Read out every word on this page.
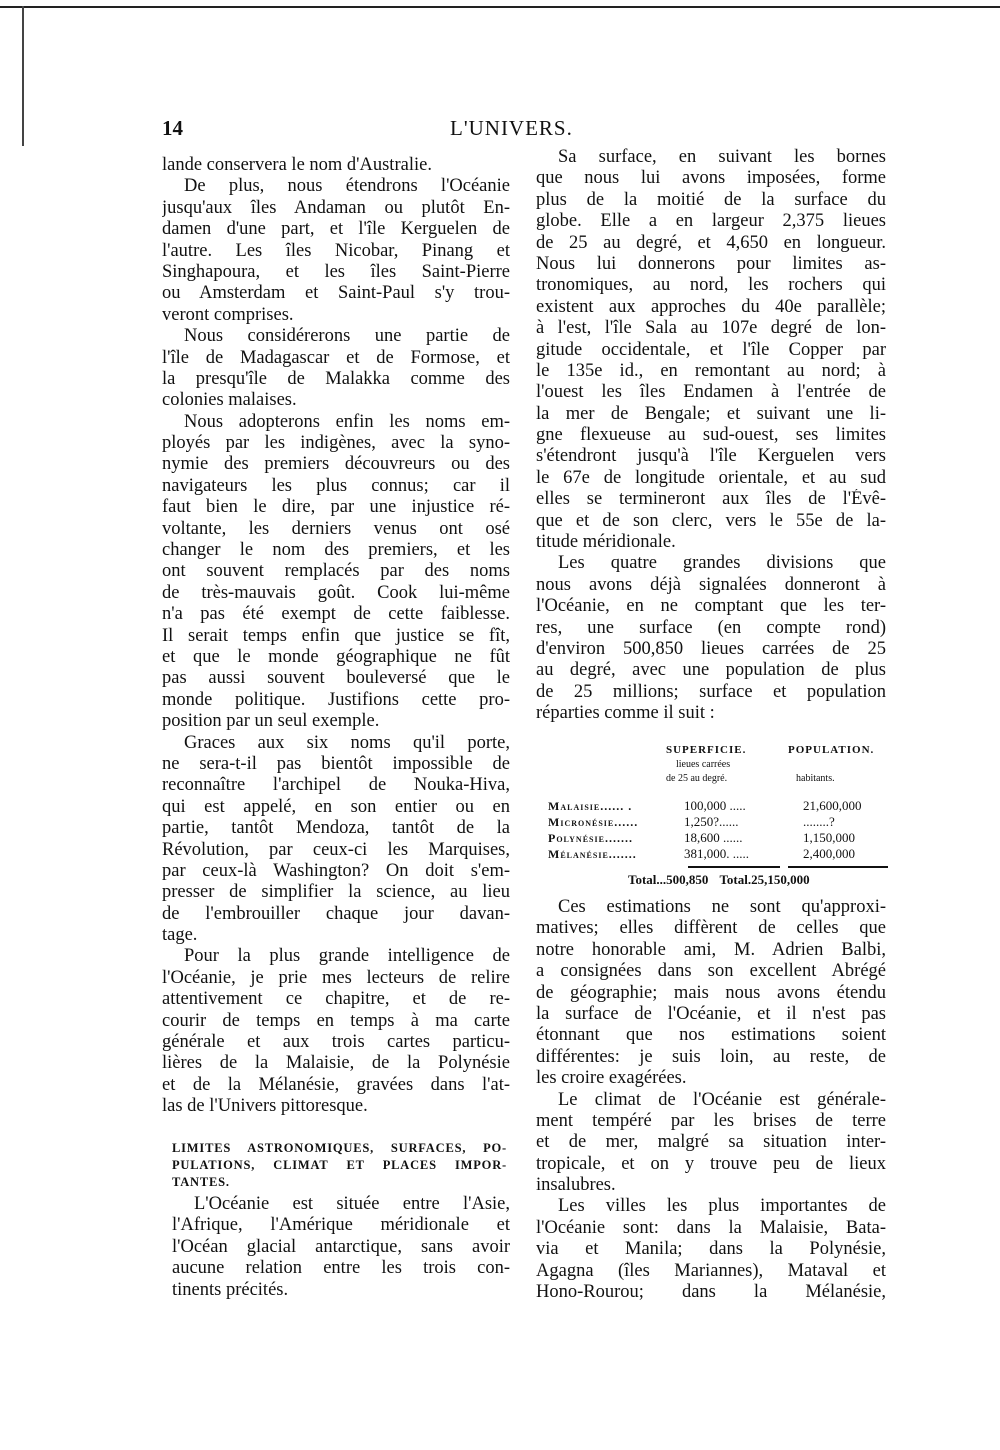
14	L'UNIVERS.
lande conservera le nom d'Australie.
De plus, nous étendrons l'Océanie
jusqu'aux îles Andaman ou plutôt En-
damen d'une part, et l'île Kerguelen de
l'autre. Les îles Nicobar, Pinang et
Singhapoura, et les îles Saint-Pierre
ou Amsterdam et Saint-Paul s'y trou-
veront comprises.
Nous considérerons une partie de
l'île de Madagascar et de Formose, et
la presqu'île de Malakka comme des
colonies malaises.
Nous adopterons enfin les noms em-
ployés par les indigènes, avec la syno-
nymie des premiers découvreurs ou des
navigateurs les plus connus; car il
faut bien le dire, par une injustice ré-
voltante, les derniers venus ont osé
changer le nom des premiers, et les
ont souvent remplacés par des noms
de très-mauvais goût. Cook lui-même
n'a pas été exempt de cette faiblesse.
Il serait temps enfin que justice se fît,
et que le monde géographique ne fût
pas aussi souvent bouleversé que le
monde politique. Justifions cette pro-
position par un seul exemple.
Graces aux six noms qu'il porte,
ne sera-t-il pas bientôt impossible de
reconnaître l'archipel de Nouka-Hiva,
qui est appelé, en son entier ou en
partie, tantôt Mendoza, tantôt de la
Révolution, par ceux-ci les Marquises,
par ceux-là Washington? On doit s'em-
presser de simplifier la science, au lieu
de l'embrouiller chaque jour davan-
tage.
Pour la plus grande intelligence de
l'Océanie, je prie mes lecteurs de relire
attentivement ce chapitre, et de re-
courir de temps en temps à ma carte
générale et aux trois cartes particu-
lières de la Malaisie, de la Polynésie
et de la Mélanésie, gravées dans l'at-
las de l'Univers pittoresque.
LIMITES ASTRONOMIQUES, SURFACES, PO-
PULATIONS, CLIMAT ET PLACES IMPOR-
TANTES.
L'Océanie est située entre l'Asie,
l'Afrique, l'Amérique méridionale et
l'Océan glacial antarctique, sans avoir
aucune relation entre les trois con-
tinents précités.
Sa surface, en suivant les bornes
que nous lui avons imposées, forme
plus de la moitié de la surface du
globe. Elle a en largeur 2,375 lieues
de 25 au degré, et 4,650 en longueur.
Nous lui donnerons pour limites as-
tronomiques, au nord, les rochers qui
existent aux approches du 40e parallèle;
à l'est, l'île Sala au 107e degré de lon-
gitude occidentale, et l'île Copper par
le 135e id., en remontant au nord; à
l'ouest les îles Endamen à l'entrée de
la mer de Bengale; et suivant une li-
gne flexueuse au sud-ouest, ses limites
s'étendront jusqu'à l'île Kerguelen vers
le 67e de longitude orientale, et au sud
elles se termineront aux îles de l'Évê-
que et de son clerc, vers le 55e de la-
titude méridionale.
Les quatre grandes divisions que
nous avons déjà signalées donneront à
l'Océanie, en ne comptant que les ter-
res, une surface (en compte rond)
d'environ 500,850 lieues carrées de 25
au degré, avec une population de plus
de 25 millions; surface et population
réparties comme il suit :
SUPERFICIE.	POPULATION.
lieues carrées
de 25 au degré.	habitants.
Malaisie...... .	100,000 .....	21,600,000
Micronésie......	1,250?......	........?
Polynésie.......	18,600 ......	1,150,000
Mélanésie.......	381,000. .....	2,400,000
Total...500,850 Total.25,150,000
Ces estimations ne sont qu'approxi-
matives; elles diffèrent de celles que
notre honorable ami, M. Adrien Balbi,
a consignées dans son excellent Abrégé
de géographie; mais nous avons étendu
la surface de l'Océanie, et il n'est pas
étonnant que nos estimations soient
différentes: je suis loin, au reste, de
les croire exagérées.
Le climat de l'Océanie est générale-
ment tempéré par les brises de terre
et de mer, malgré sa situation inter-
tropicale, et on y trouve peu de lieux
insalubres.
Les villes les plus importantes de
l'Océanie sont: dans la Malaisie, Bata-
via et Manila; dans la Polynésie,
Agagna (îles Mariannes), Mataval et
Hono-Rourou; dans la Mélanésie,
